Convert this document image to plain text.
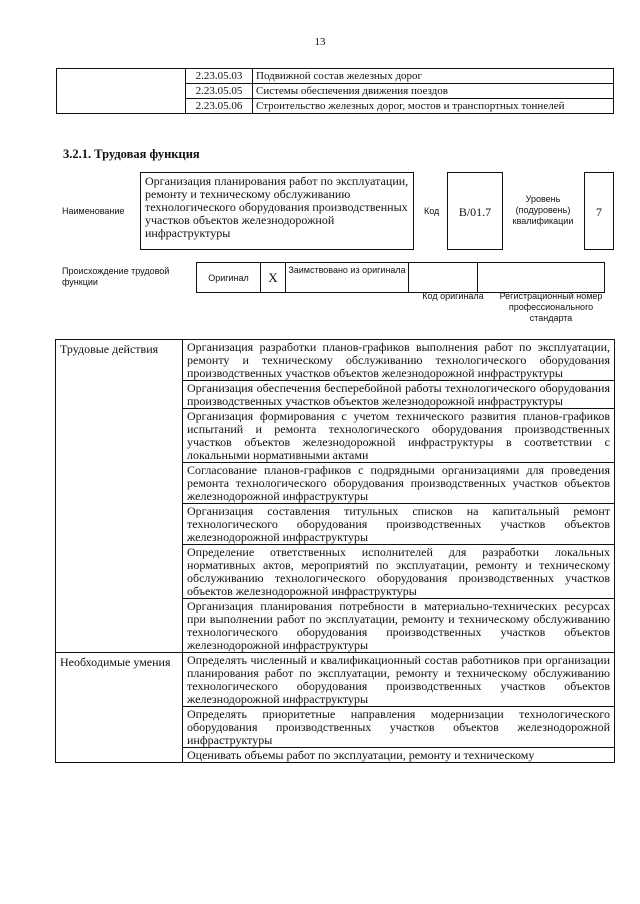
13
	2.23.05.03	Подвижной состав железных дорог
	2.23.05.05	Системы обеспечения движения поездов
	2.23.05.06	Строительство железных дорог, мостов и транспортных тоннелей
3.2.1. Трудовая функция
Наименование
Организация планирования работ по эксплуатации, ремонту и техническому обслуживанию технологического оборудования производственных участков объектов железнодорожной инфраструктуры
Код	B/01.7
Уровень (подуровень) квалификации
7
Происхождение трудовой функции	Оригинал	X	Заимствовано из оригинала		
Код оригинала	Регистрационный номер профессионального стандарта
Трудовые действия	Организация разработки планов-графиков выполнения работ по эксплуатации, ремонту и техническому обслуживанию технологического оборудования производственных участков объектов железнодорожной инфраструктуры
	Организация обеспечения бесперебойной работы технологического оборудования производственных участков объектов железнодорожной инфраструктуры
	Организация формирования с учетом технического развития планов-графиков испытаний и ремонта технологического оборудования производственных участков объектов железнодорожной инфраструктуры в соответствии с локальными нормативными актами
	Согласование планов-графиков с подрядными организациями для проведения ремонта технологического оборудования производственных участков объектов железнодорожной инфраструктуры
	Организация составления титульных списков на капитальный ремонт технологического оборудования производственных участков объектов железнодорожной инфраструктуры
	Определение ответственных исполнителей для разработки локальных нормативных актов, мероприятий по эксплуатации, ремонту и техническому обслуживанию технологического оборудования производственных участков объектов железнодорожной инфраструктуры
	Организация планирования потребности в материально-технических ресурсах при выполнении работ по эксплуатации, ремонту и техническому обслуживанию технологического оборудования производственных участков объектов железнодорожной инфраструктуры
Необходимые умения	Определять численный и квалификационный состав работников при организации планирования работ по эксплуатации, ремонту и техническому обслуживанию технологического оборудования производственных участков объектов железнодорожной инфраструктуры
	Определять приоритетные направления модернизации технологического оборудования производственных участков объектов железнодорожной инфраструктуры
	Оценивать объемы работ по эксплуатации, ремонту и техническому
